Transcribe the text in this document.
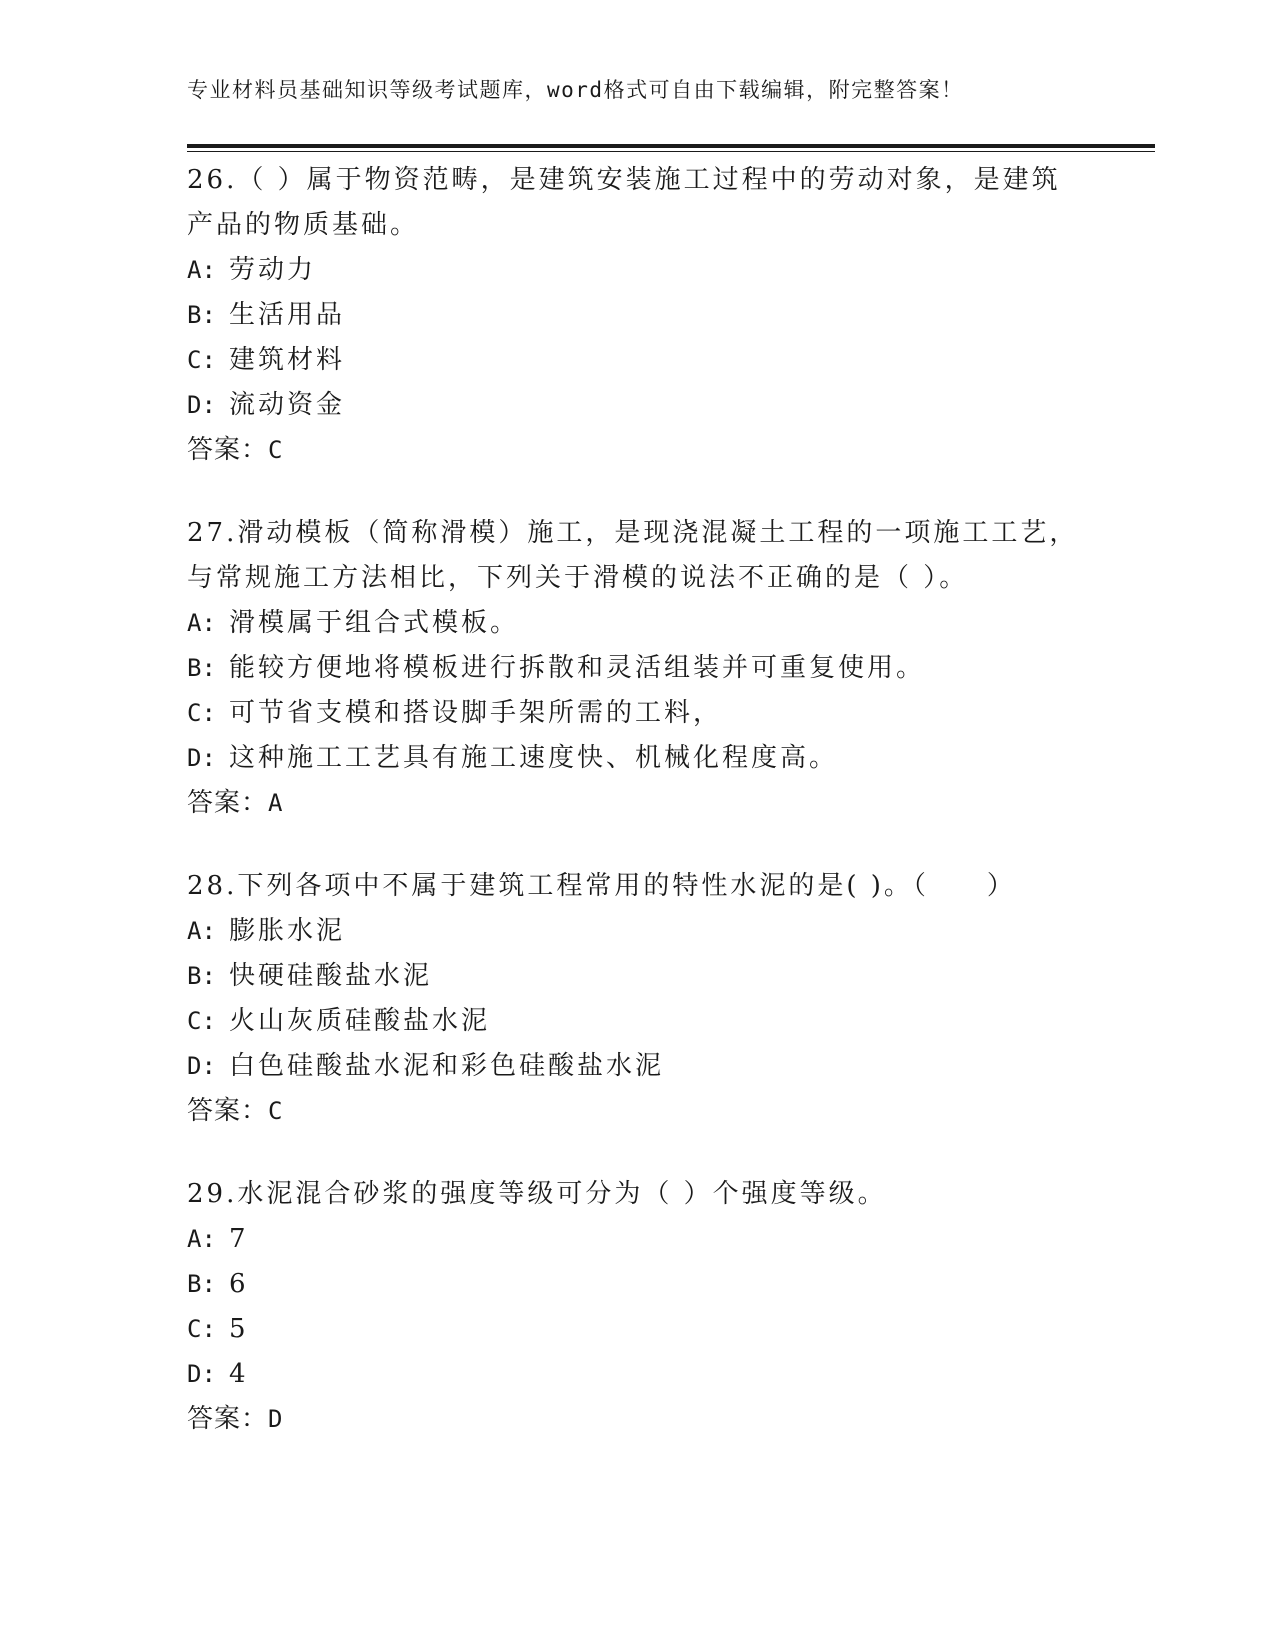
专业材料员基础知识等级考试题库，word格式可自由下载编辑，附完整答案！

26.（ ）属于物资范畴，是建筑安装施工过程中的劳动对象，是建筑产品的物质基础。

A: 劳动力

B: 生活用品

C: 建筑材料

D: 流动资金

答案：C

27.滑动模板（简称滑模）施工，是现浇混凝土工程的一项施工工艺，与常规施工方法相比，下列关于滑模的说法不正确的是（ ）。

A: 滑模属于组合式模板。

B: 能较方便地将模板进行拆散和灵活组装并可重复使用。

C: 可节省支模和搭设脚手架所需的工料，

D: 这种施工工艺具有施工速度快、机械化程度高。

答案：A

28.下列各项中不属于建筑工程常用的特性水泥的是( )。（　　）

A: 膨胀水泥

B: 快硬硅酸盐水泥

C: 火山灰质硅酸盐水泥

D: 白色硅酸盐水泥和彩色硅酸盐水泥

答案：C

29.水泥混合砂浆的强度等级可分为（ ）个强度等级。

A: 7

B: 6

C: 5

D: 4

答案：D
